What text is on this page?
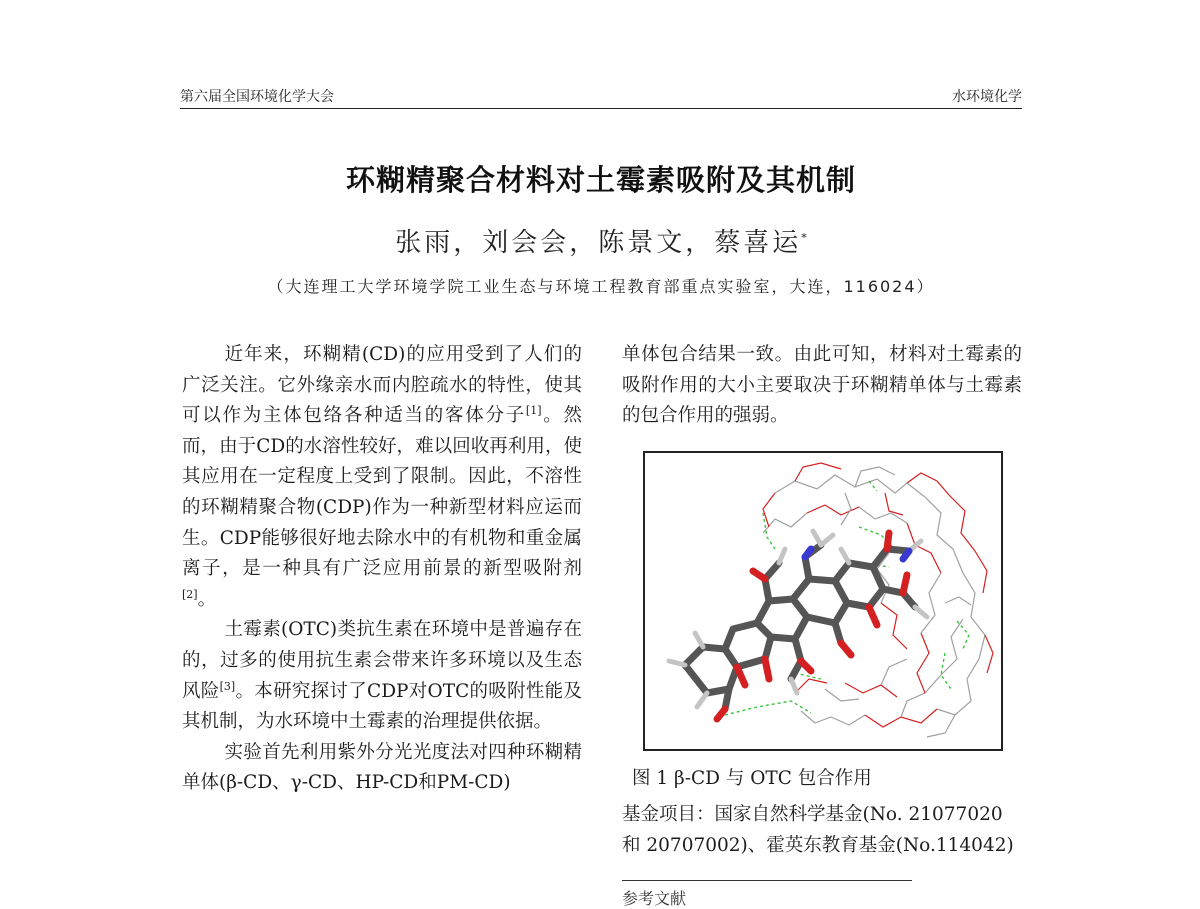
第六届全国环境化学大会	水环境化学
环糊精聚合材料对土霉素吸附及其机制
张雨，刘会会，陈景文，蔡喜运*
（大连理工大学环境学院工业生态与环境工程教育部重点实验室，大连，116024）

近年来，环糊精(CD)的应用受到了人们的广泛关注。它外缘亲水而内腔疏水的特性，使其可以作为主体包络各种适当的客体分子[1]。然而，由于CD的水溶性较好，难以回收再利用，使其应用在一定程度上受到了限制。因此，不溶性的环糊精聚合物(CDP)作为一种新型材料应运而生。CDP能够很好地去除水中的有机物和重金属离子，是一种具有广泛应用前景的新型吸附剂[2]。

土霉素(OTC)类抗生素在环境中是普遍存在的，过多的使用抗生素会带来许多环境以及生态风险[3]。本研究探讨了CDP对OTC的吸附性能及其机制，为水环境中土霉素的治理提供依据。

实验首先利用紫外分光光度法对四种环糊精单体(β-CD、γ-CD、HP-CD和PM-CD)

单体包合结果一致。由此可知，材料对土霉素的吸附作用的大小主要取决于环糊精单体与土霉素的包合作用的强弱。

图 1 β-CD 与 OTC 包合作用

基金项目：国家自然科学基金(No. 21077020

和 20707002)、霍英东教育基金(No.114042)

参考文献
